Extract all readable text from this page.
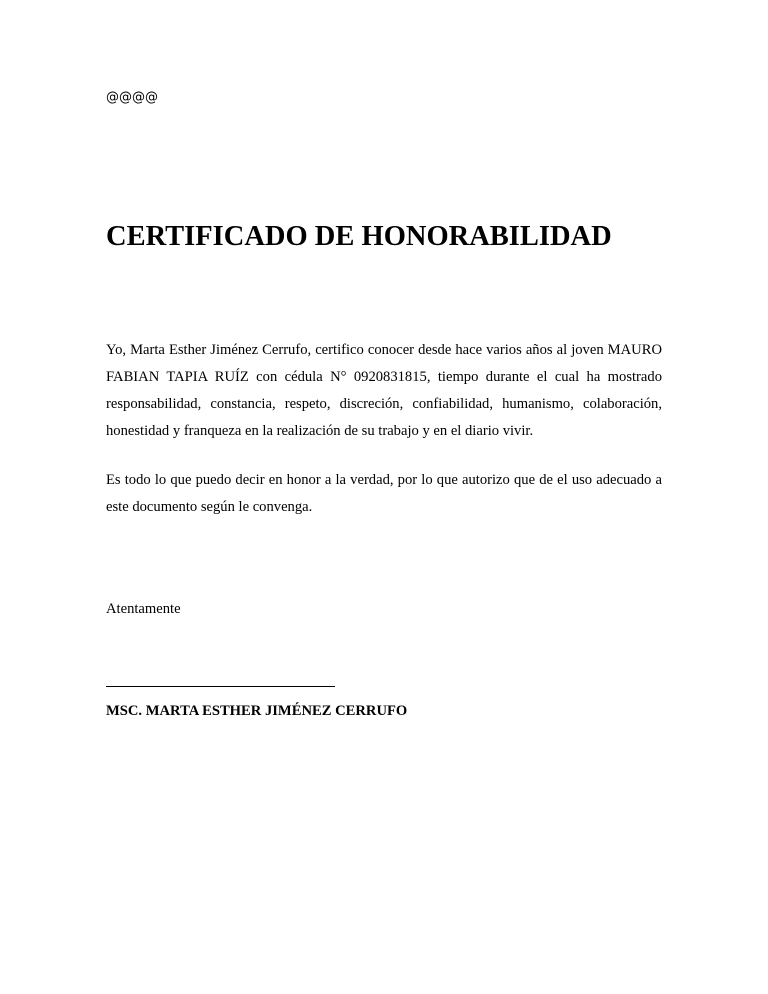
@@@@
CERTIFICADO DE HONORABILIDAD

Yo, Marta Esther Jiménez Cerrufo, certifico conocer desde hace varios años al joven MAURO FABIAN TAPIA RUÍZ con cédula N° 0920831815, tiempo durante el cual ha mostrado responsabilidad, constancia, respeto, discreción, confiabilidad, humanismo, colaboración, honestidad y franqueza en la realización de su trabajo y en el diario vivir.

Es todo lo que puedo decir en honor a la verdad, por lo que autorizo que de el uso adecuado a este documento según le convenga.

Atentamente
MSC. MARTA ESTHER JIMÉNEZ CERRUFO
